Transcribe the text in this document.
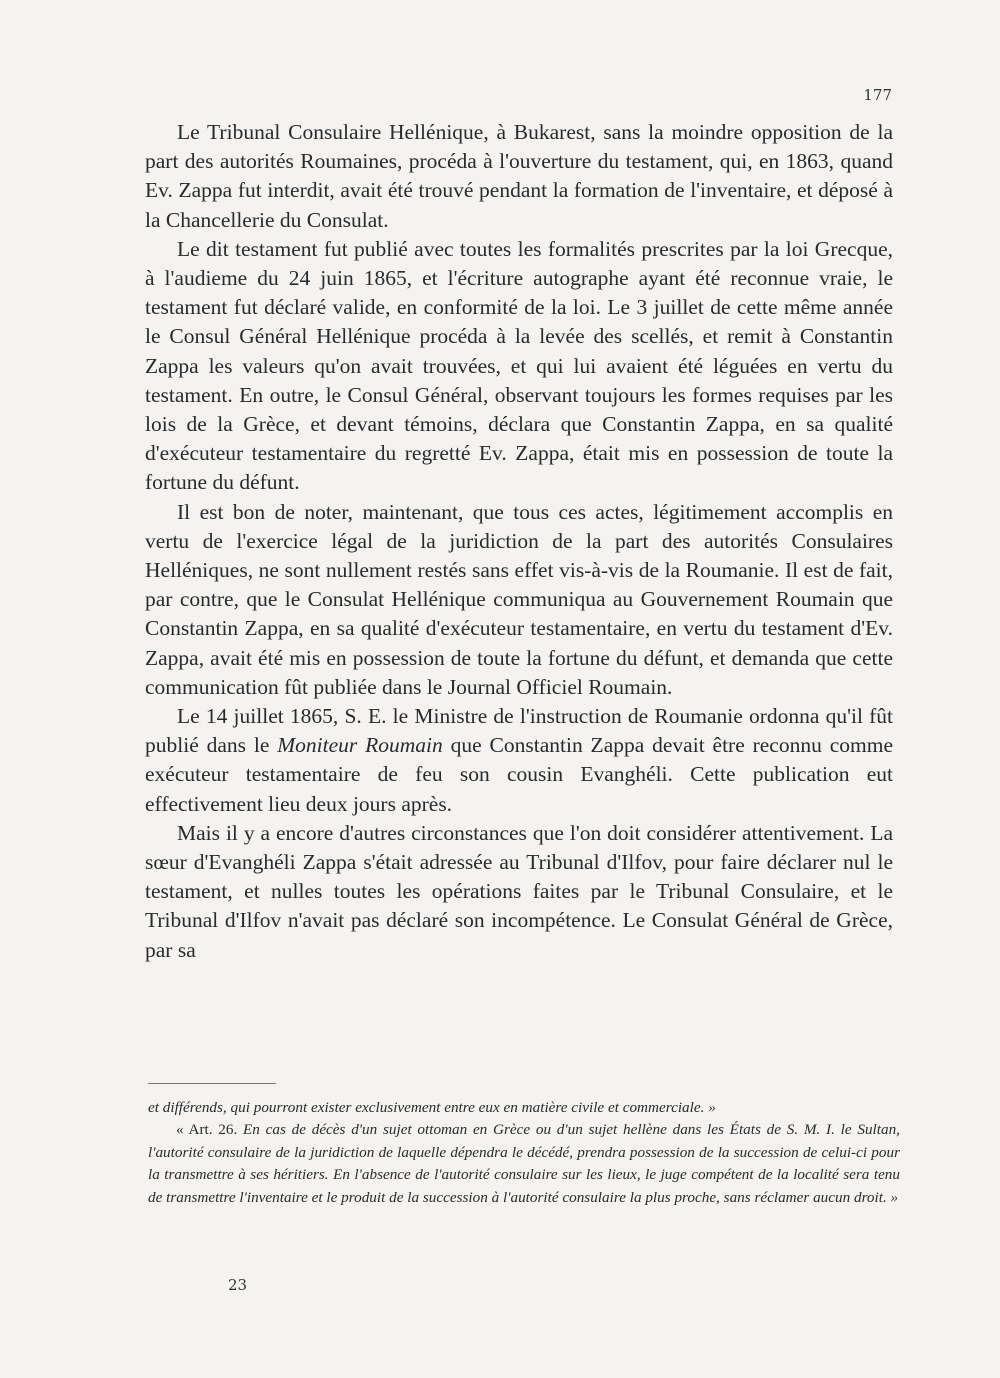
177

Le Tribunal Consulaire Hellénique, à Bukarest, sans la moindre opposition de la part des autorités Roumaines, procéda à l'ouverture du testament, qui, en 1863, quand Ev. Zappa fut interdit, avait été trouvé pendant la formation de l'inventaire, et déposé à la Chancellerie du Consulat.

Le dit testament fut publié avec toutes les formalités prescrites par la loi Grecque, à l'audieme du 24 juin 1865, et l'écriture autographe ayant été reconnue vraie, le testament fut déclaré valide, en conformité de la loi. Le 3 juillet de cette même année le Consul Général Hellénique procéda à la levée des scellés, et remit à Constantin Zappa les valeurs qu'on avait trouvées, et qui lui avaient été léguées en vertu du testament. En outre, le Consul Général, observant toujours les formes requises par les lois de la Grèce, et devant témoins, déclara que Constantin Zappa, en sa qualité d'exécuteur testamentaire du regretté Ev. Zappa, était mis en possession de toute la fortune du défunt.

Il est bon de noter, maintenant, que tous ces actes, légitimement accomplis en vertu de l'exercice légal de la juridiction de la part des autorités Consulaires Helléniques, ne sont nullement restés sans effet vis-à-vis de la Roumanie. Il est de fait, par contre, que le Consulat Hellénique communiqua au Gouvernement Roumain que Constantin Zappa, en sa qualité d'exécuteur testamentaire, en vertu du testament d'Ev. Zappa, avait été mis en possession de toute la fortune du défunt, et demanda que cette communication fût publiée dans le Journal Officiel Roumain.

Le 14 juillet 1865, S. E. le Ministre de l'instruction de Roumanie ordonna qu'il fût publié dans le Moniteur Roumain que Constantin Zappa devait être reconnu comme exécuteur testamentaire de feu son cousin Evanghéli. Cette publication eut effectivement lieu deux jours après.

Mais il y a encore d'autres circonstances que l'on doit considérer attentivement. La sœur d'Evanghéli Zappa s'était adressée au Tribunal d'Ilfov, pour faire déclarer nul le testament, et nulles toutes les opérations faites par le Tribunal Consulaire, et le Tribunal d'Ilfov n'avait pas déclaré son incompétence. Le Consulat Général de Grèce, par sa

et différends, qui pourront exister exclusivement entre eux en matière civile et commerciale. »

« Art. 26. En cas de décès d'un sujet ottoman en Grèce ou d'un sujet hellène dans les États de S. M. I. le Sultan, l'autorité consulaire de la juridiction de laquelle dépendra le décédé, prendra possession de la succession de celui-ci pour la transmettre à ses héritiers. En l'absence de l'autorité consulaire sur les lieux, le juge compétent de la localité sera tenu de transmettre l'inventaire et le produit de la succession à l'autorité consulaire la plus proche, sans réclamer aucun droit. »

23
